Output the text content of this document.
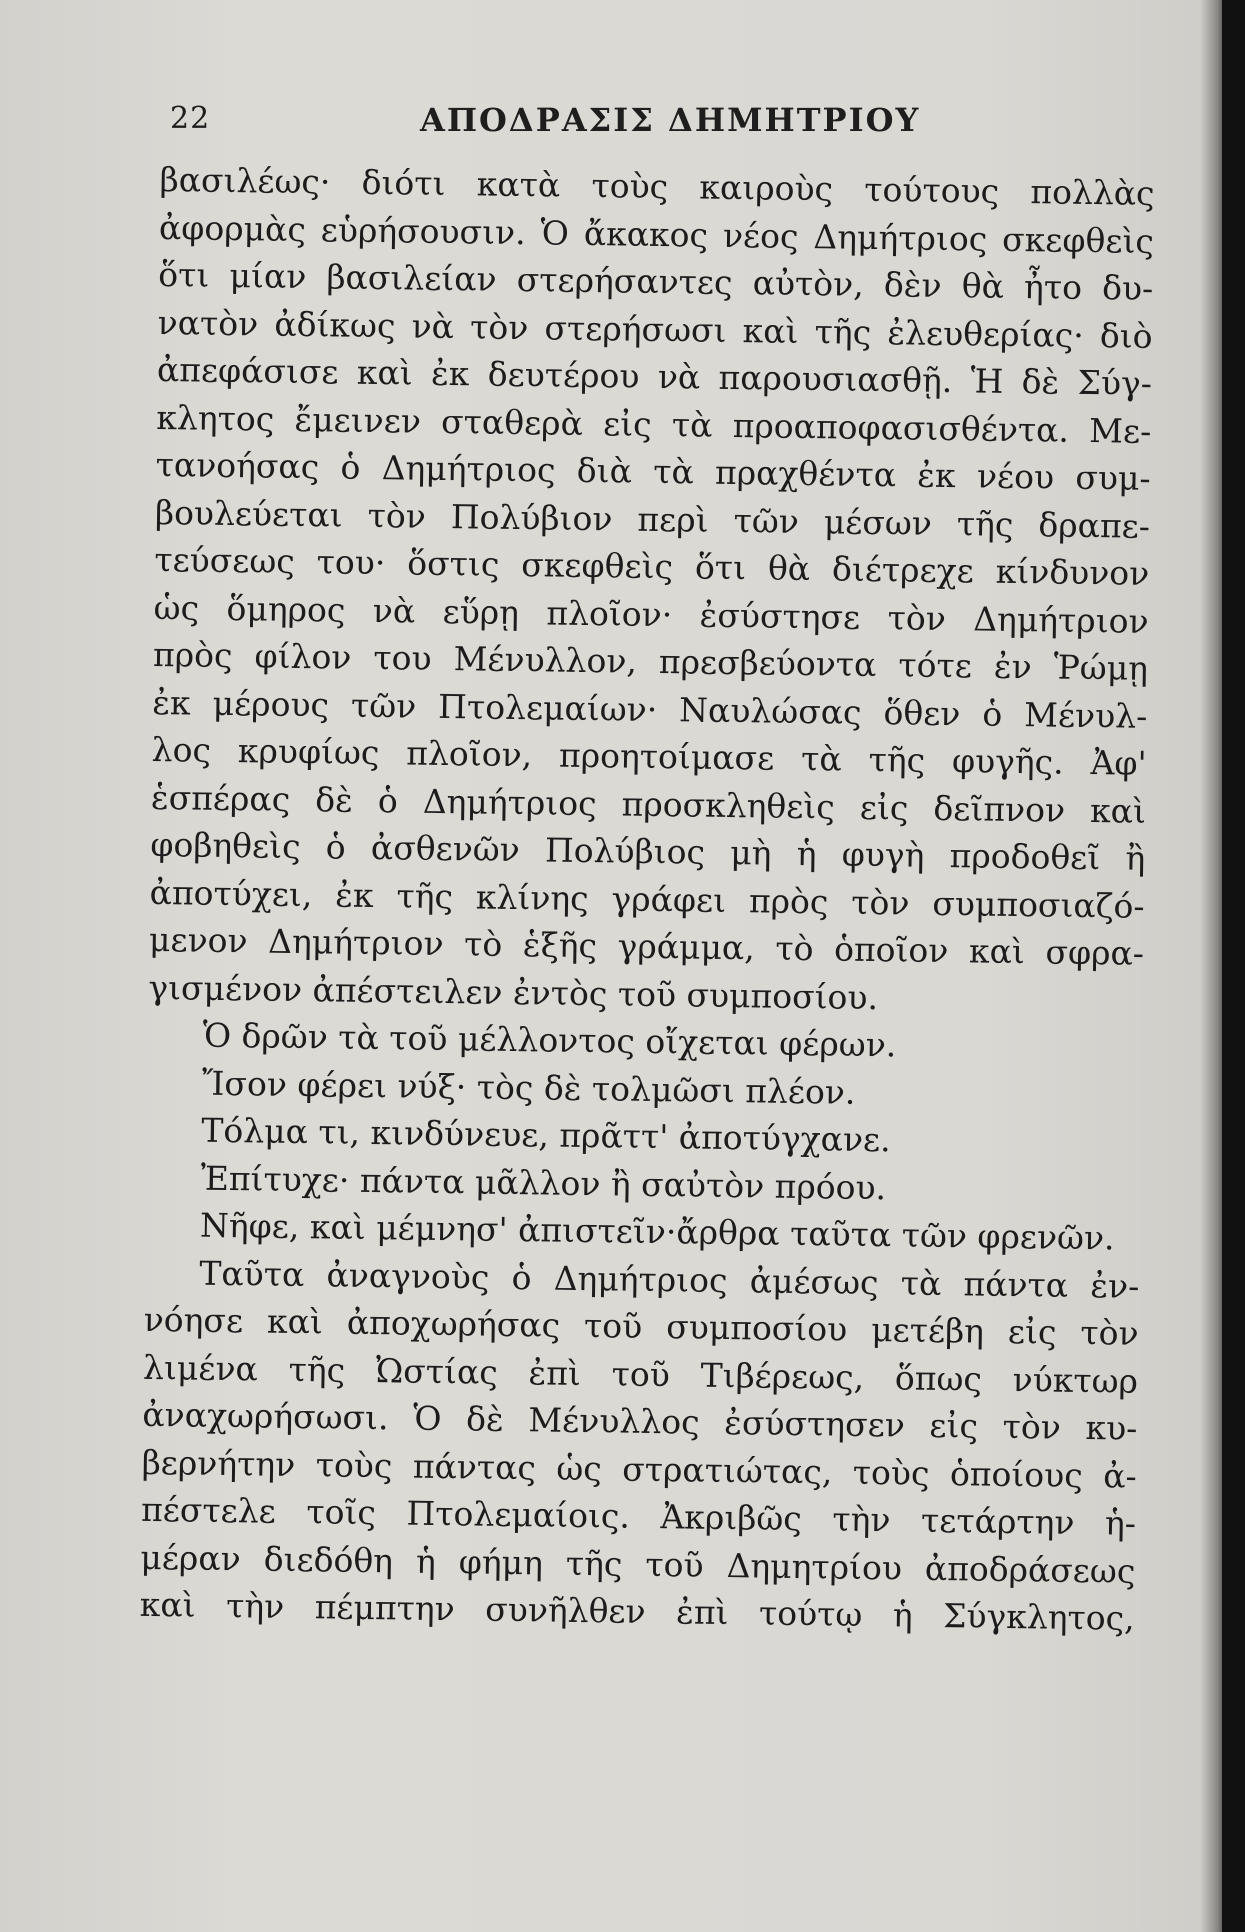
22	ΑΠΟΔΡΑΣΙΣ ΔΗΜΗΤΡΙΟΥ
βασιλέως· διότι κατὰ τοὺς καιροὺς τούτους πολλὰς
ἀφορμὰς εὑρήσουσιν. Ὁ ἄκακος νέος Δημήτριος σκεφθεὶς
ὅτι μίαν βασιλείαν στερήσαντες αὐτὸν, δὲν θὰ ἦτο δυ-
νατὸν ἀδίκως νὰ τὸν στερήσωσι καὶ τῆς ἐλευθερίας· διὸ
ἀπεφάσισε καὶ ἐκ δευτέρου νὰ παρουσιασθῇ. Ἡ δὲ Σύγ-
κλητος ἔμεινεν σταθερὰ εἰς τὰ προαποφασισθέντα. Με-
τανοήσας ὁ Δημήτριος διὰ τὰ πραχθέντα ἐκ νέου συμ-
βουλεύεται τὸν Πολύβιον περὶ τῶν μέσων τῆς δραπε-
τεύσεως του· ὅστις σκεφθεὶς ὅτι θὰ διέτρεχε κίνδυνον
ὡς ὅμηρος νὰ εὕρῃ πλοῖον· ἐσύστησε τὸν Δημήτριον
πρὸς φίλον του Μένυλλον, πρεσβεύοντα τότε ἐν Ῥώμῃ
ἐκ μέρους τῶν Πτολεμαίων· Ναυλώσας ὅθεν ὁ Μένυλ-
λος κρυφίως πλοῖον, προητοίμασε τὰ τῆς φυγῆς. Ἀφ'
ἑσπέρας δὲ ὁ Δημήτριος προσκληθεὶς εἰς δεῖπνον καὶ
φοβηθεὶς ὁ ἀσθενῶν Πολύβιος μὴ ἡ φυγὴ προδοθεῖ ἢ
ἀποτύχει, ἐκ τῆς κλίνης γράφει πρὸς τὸν συμποσιαζό-
μενον Δημήτριον τὸ ἑξῆς γράμμα, τὸ ὁποῖον καὶ σφρα-
γισμένον ἀπέστειλεν ἐντὸς τοῦ συμποσίου.
Ὁ δρῶν τὰ τοῦ μέλλοντος οἴχεται φέρων.
Ἴσον φέρει νύξ· τὸς δὲ τολμῶσι πλέον.
Τόλμα τι, κινδύνευε, πρᾶττ' ἀποτύγχανε.
Ἐπίτυχε· πάντα μᾶλλον ἢ σαὐτὸν πρόου.
Νῆφε, καὶ μέμνησ' ἀπιστεῖν·ἄρθρα ταῦτα τῶν φρενῶν.
Ταῦτα ἀναγνοὺς ὁ Δημήτριος ἀμέσως τὰ πάντα ἐν-
νόησε καὶ ἀποχωρήσας τοῦ συμποσίου μετέβη εἰς τὸν
λιμένα τῆς Ὠστίας ἐπὶ τοῦ Τιβέρεως, ὅπως νύκτωρ
ἀναχωρήσωσι. Ὁ δὲ Μένυλλος ἐσύστησεν εἰς τὸν κυ-
βερνήτην τοὺς πάντας ὡς στρατιώτας, τοὺς ὁποίους ἀ-
πέστελε τοῖς Πτολεμαίοις. Ἀκριβῶς τὴν τετάρτην ἡ-
μέραν διεδόθη ἡ φήμη τῆς τοῦ Δημητρίου ἀποδράσεως
καὶ τὴν πέμπτην συνῆλθεν ἐπὶ τούτῳ ἡ Σύγκλητος,
